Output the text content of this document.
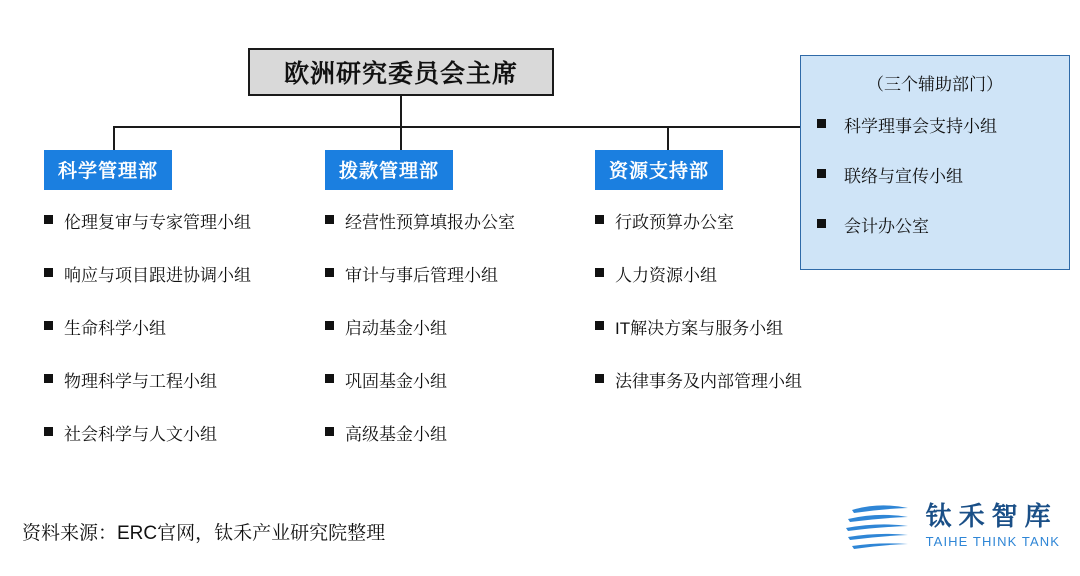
欧洲研究委员会主席
科学管理部
伦理复审与专家管理小组
响应与项目跟进协调小组
生命科学小组
物理科学与工程小组
社会科学与人文小组
拨款管理部
经营性预算填报办公室
审计与事后管理小组
启动基金小组
巩固基金小组
高级基金小组
资源支持部
行政预算办公室
人力资源小组
IT解决方案与服务小组
法律事务及内部管理小组
（三个辅助部门）
科学理事会支持小组
联络与宣传小组
会计办公室
资料来源：ERC官网，钛禾产业研究院整理
钛禾智库
TAIHE THINK TANK
